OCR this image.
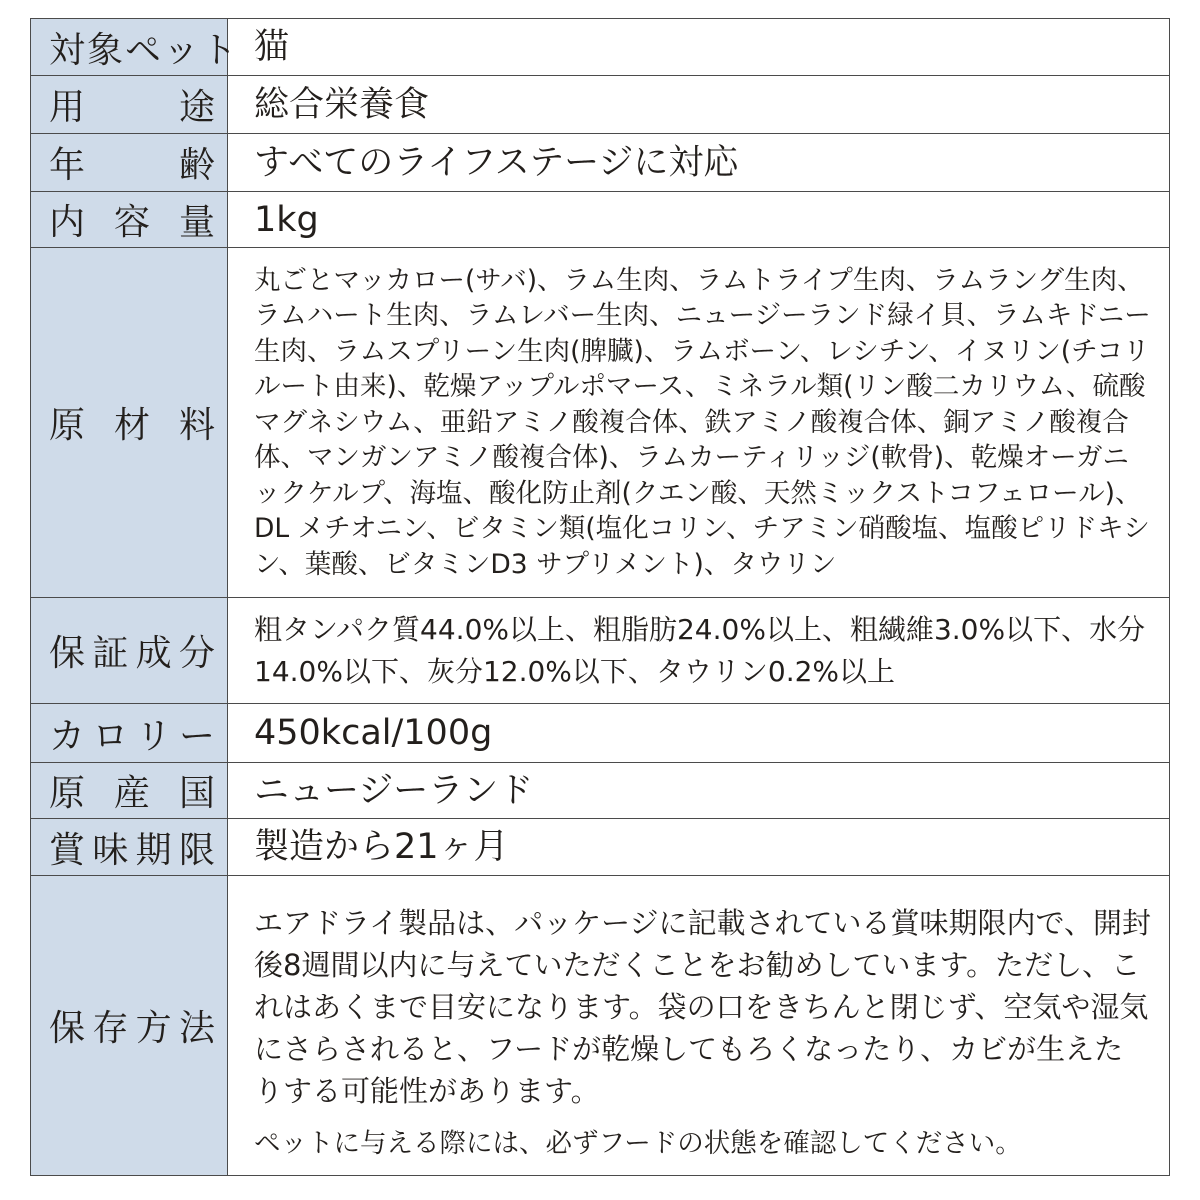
対象ペット	猫
用途	総合栄養食
年齢	すべてのライフステージに対応
内容量	1kg
原材料	丸ごとマッカロー(サバ)、ラム生肉、ラムトライプ生肉、ラムラング生肉、ラムハート生肉、ラムレバー生肉、ニュージーランド緑イ貝、ラムキドニー生肉、ラムスプリーン生肉(脾臓)、ラムボーン、レシチン、イヌリン(チコリルート由来)、乾燥アップルポマース、ミネラル類(リン酸二カリウム、硫酸マグネシウム、亜鉛アミノ酸複合体、鉄アミノ酸複合体、銅アミノ酸複合体、マンガンアミノ酸複合体)、ラムカーティリッジ(軟骨)、乾燥オーガニックケルプ、海塩、酸化防止剤(クエン酸、天然ミックストコフェロール)、 DL メチオニン、ビタミン類(塩化コリン、チアミン硝酸塩、塩酸ピリドキシン、葉酸、ビタミンD3 サプリメント)、タウリン
保証成分	粗タンパク質44.0%以上、粗脂肪24.0%以上、粗繊維3.0%以下、水分14.0%以下、灰分12.0%以下、タウリン0.2%以上
カロリー	450kcal/100g
原産国	ニュージーランド
賞味期限	製造から21ヶ月
保存方法	エアドライ製品は、パッケージに記載されている賞味期限内で、開封後8週間以内に与えていただくことをお勧めしています。ただし、これはあくまで目安になります。袋の口をきちんと閉じず、空気や湿気にさらされると、フードが乾燥してもろくなったり、カビが生えたりする可能性があります。

ペットに与える際には、必ずフードの状態を確認してください。
